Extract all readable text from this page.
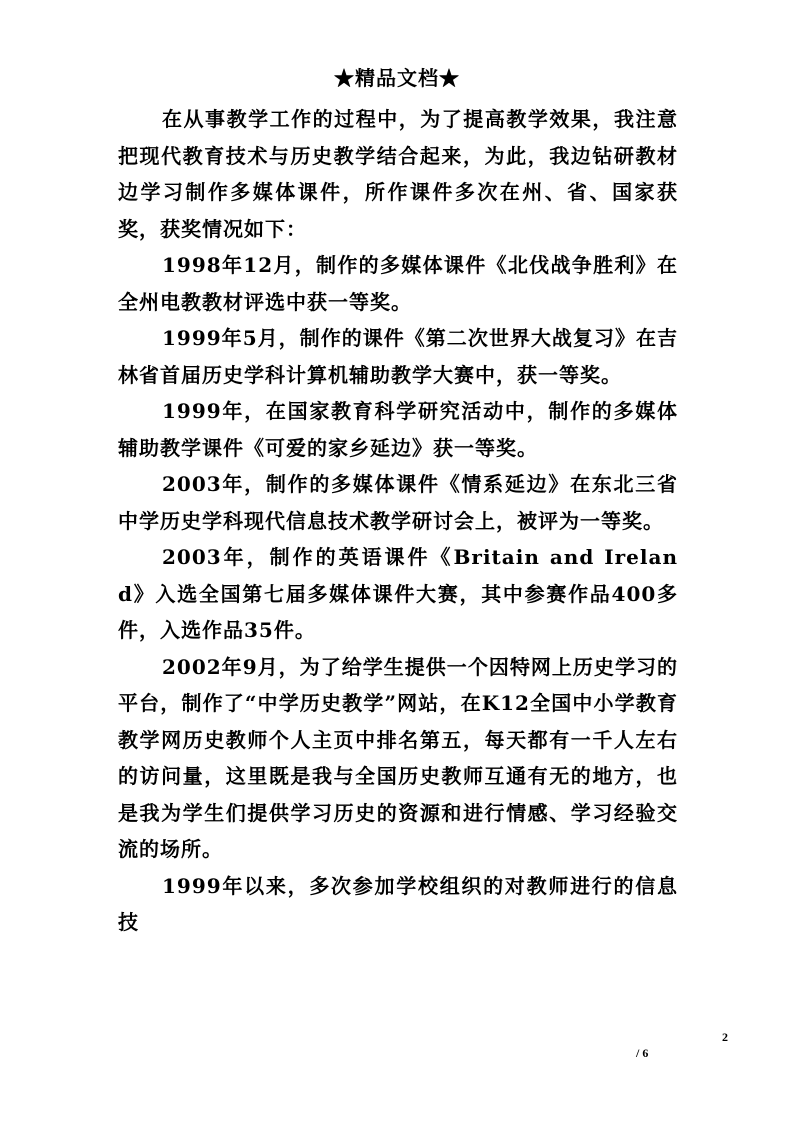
★精品文档★

在从事教学工作的过程中，为了提高教学效果，我注意把现代教育技术与历史教学结合起来，为此，我边钻研教材边学习制作多媒体课件，所作课件多次在州、省、国家获奖，获奖情况如下：

1998年12月，制作的多媒体课件《北伐战争胜利》在全州电教教材评选中获一等奖。

1999年5月，制作的课件《第二次世界大战复习》在吉林省首届历史学科计算机辅助教学大赛中，获一等奖。

1999年，在国家教育科学研究活动中，制作的多媒体辅助教学课件《可爱的家乡延边》获一等奖。

2003年，制作的多媒体课件《情系延边》在东北三省中学历史学科现代信息技术教学研讨会上，被评为一等奖。

2003年，制作的英语课件《Britain and Ireland》入选全国第七届多媒体课件大赛，其中参赛作品400多件，入选作品35件。

2002年9月，为了给学生提供一个因特网上历史学习的平台，制作了“中学历史教学”网站，在K12全国中小学教育教学网历史教师个人主页中排名第五，每天都有一千人左右的访问量，这里既是我与全国历史教师互通有无的地方，也是我为学生们提供学习历史的资源和进行情感、学习经验交流的场所。

1999年以来，多次参加学校组织的对教师进行的信息技

2
/ 6
